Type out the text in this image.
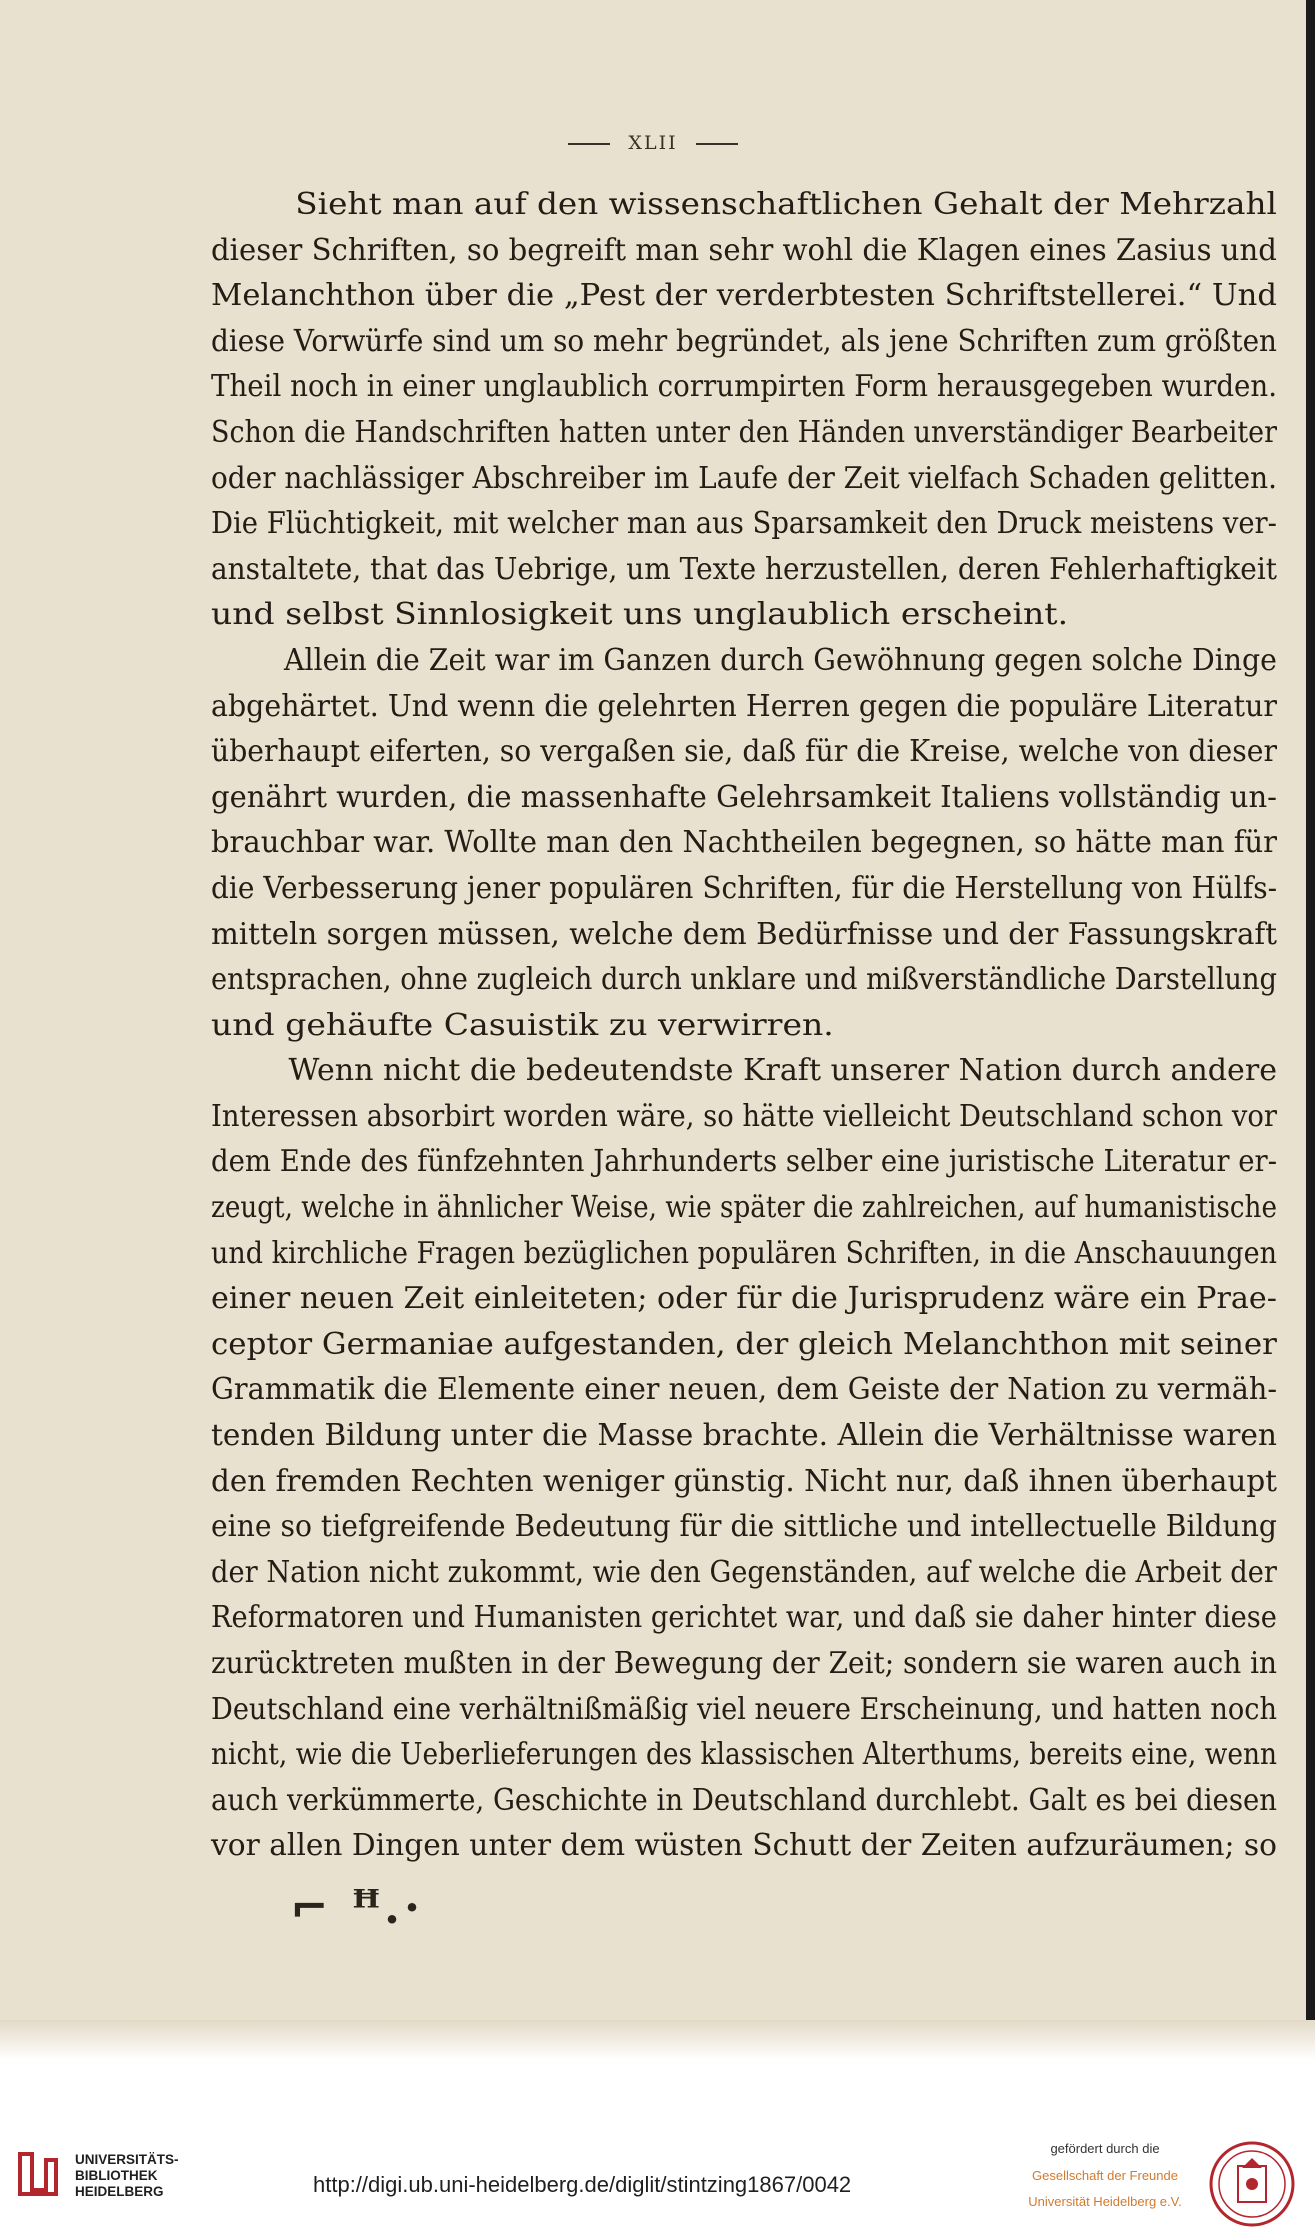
XLII
Sieht man auf den wissenschaftlichen Gehalt der Mehrzahl
dieser Schriften, so begreift man sehr wohl die Klagen eines Zasius und
Melanchthon über die „Pest der verderbtesten Schriftstellerei.“ Und
diese Vorwürfe sind um so mehr begründet, als jene Schriften zum größten
Theil noch in einer unglaublich corrumpirten Form herausgegeben wurden.
Schon die Handschriften hatten unter den Händen unverständiger Bearbeiter
oder nachlässiger Abschreiber im Laufe der Zeit vielfach Schaden gelitten.
Die Flüchtigkeit, mit welcher man aus Sparsamkeit den Druck meistens ver-
anstaltete, that das Uebrige, um Texte herzustellen, deren Fehlerhaftigkeit
und selbst Sinnlosigkeit uns unglaublich erscheint.
Allein die Zeit war im Ganzen durch Gewöhnung gegen solche Dinge
abgehärtet. Und wenn die gelehrten Herren gegen die populäre Literatur
überhaupt eiferten, so vergaßen sie, daß für die Kreise, welche von dieser
genährt wurden, die massenhafte Gelehrsamkeit Italiens vollständig un-
brauchbar war. Wollte man den Nachtheilen begegnen, so hätte man für
die Verbesserung jener populären Schriften, für die Herstellung von Hülfs-
mitteln sorgen müssen, welche dem Bedürfnisse und der Fassungskraft
entsprachen, ohne zugleich durch unklare und mißverständliche Darstellung
und gehäufte Casuistik zu verwirren.
Wenn nicht die bedeutendste Kraft unserer Nation durch andere
Interessen absorbirt worden wäre, so hätte vielleicht Deutschland schon vor
dem Ende des fünfzehnten Jahrhunderts selber eine juristische Literatur er-
zeugt, welche in ähnlicher Weise, wie später die zahlreichen, auf humanistische
und kirchliche Fragen bezüglichen populären Schriften, in die Anschauungen
einer neuen Zeit einleiteten; oder für die Jurisprudenz wäre ein Prae-
ceptor Germaniae aufgestanden, der gleich Melanchthon mit seiner
Grammatik die Elemente einer neuen, dem Geiste der Nation zu vermäh-
tenden Bildung unter die Masse brachte. Allein die Verhältnisse waren
den fremden Rechten weniger günstig. Nicht nur, daß ihnen überhaupt
eine so tiefgreifende Bedeutung für die sittliche und intellectuelle Bildung
der Nation nicht zukommt, wie den Gegenständen, auf welche die Arbeit der
Reformatoren und Humanisten gerichtet war, und daß sie daher hinter diese
zurücktreten mußten in der Bewegung der Zeit; sondern sie waren auch in
Deutschland eine verhältnißmäßig viel neuere Erscheinung, und hatten noch
nicht, wie die Ueberlieferungen des klassischen Alterthums, bereits eine, wenn
auch verkümmerte, Geschichte in Deutschland durchlebt. Galt es bei diesen
vor allen Dingen unter dem wüsten Schutt der Zeiten aufzuräumen; so
⌐ ꟸ.·
UNIVERSITÄTS-
BIBLIOTHEK
HEIDELBERG	http://digi.ub.uni-heidelberg.de/diglit/stintzing1867/0042
gefördert durch die
Gesellschaft der Freunde
Universität Heidelberg e.V.
